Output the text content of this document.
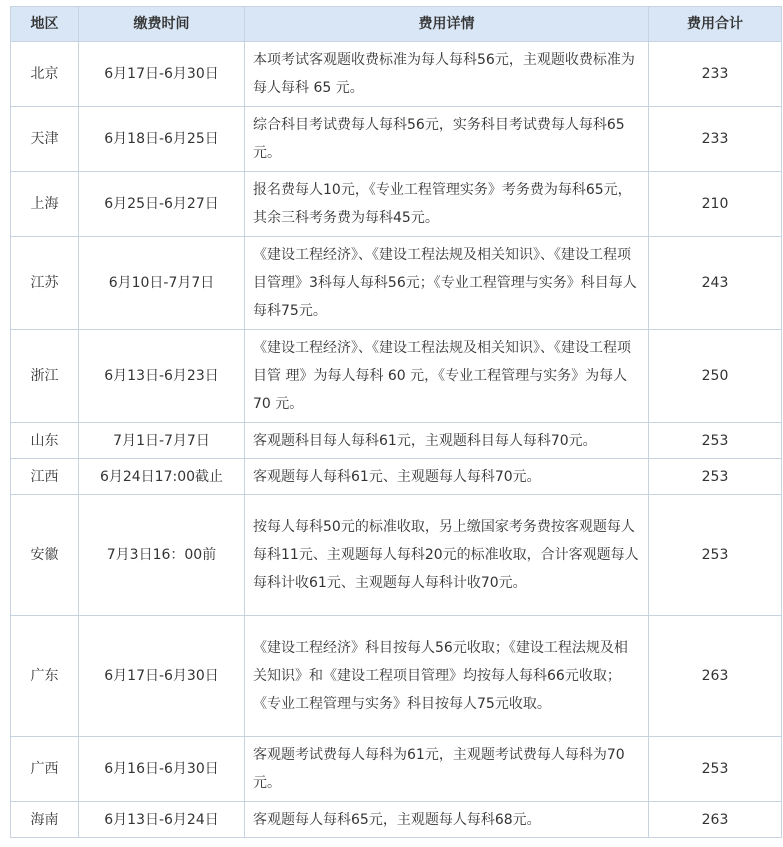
地区	缴费时间	费用详情	费用合计
北京	6月17日-6月30日	本项考试客观题收费标准为每人每科56元，主观题收费标准为每人每科 65 元。	233
天津	6月18日-6月25日	综合科目考试费每人每科56元，实务科目考试费每人每科65元。	233
上海	6月25日-6月27日	报名费每人10元，《专业工程管理实务》考务费为每科65元，其余三科考务费为每科45元。	210
江苏	6月10日-7月7日	《建设工程经济》、《建设工程法规及相关知识》、《建设工程项目管理》3科每人每科56元；《专业工程管理与实务》科目每人每科75元。	243
浙江	6月13日-6月23日	《建设工程经济》、《建设工程法规及相关知识》、《建设工程项目管 理》为每人每科 60 元，《专业工程管理与实务》为每人 70 元。	250
山东	7月1日-7月7日	客观题科目每人每科61元，主观题科目每人每科70元。	253
江西	6月24日17:00截止	客观题每人每科61元、主观题每人每科70元。	253
安徽	7月3日16：00前	按每人每科50元的标准收取，另上缴国家考务费按客观题每人每科11元、主观题每人每科20元的标准收取，合计客观题每人每科计收61元、主观题每人每科计收70元。	253
广东	6月17日-6月30日	《建设工程经济》科目按每人56元收取；《建设工程法规及相关知识》和《建设工程项目管理》均按每人每科66元收取；《专业工程管理与实务》科目按每人75元收取。	263
广西	6月16日-6月30日	客观题考试费每人每科为61元，主观题考试费每人每科为70元。	253
海南	6月13日-6月24日	客观题每人每科65元，主观题每人每科68元。	263
